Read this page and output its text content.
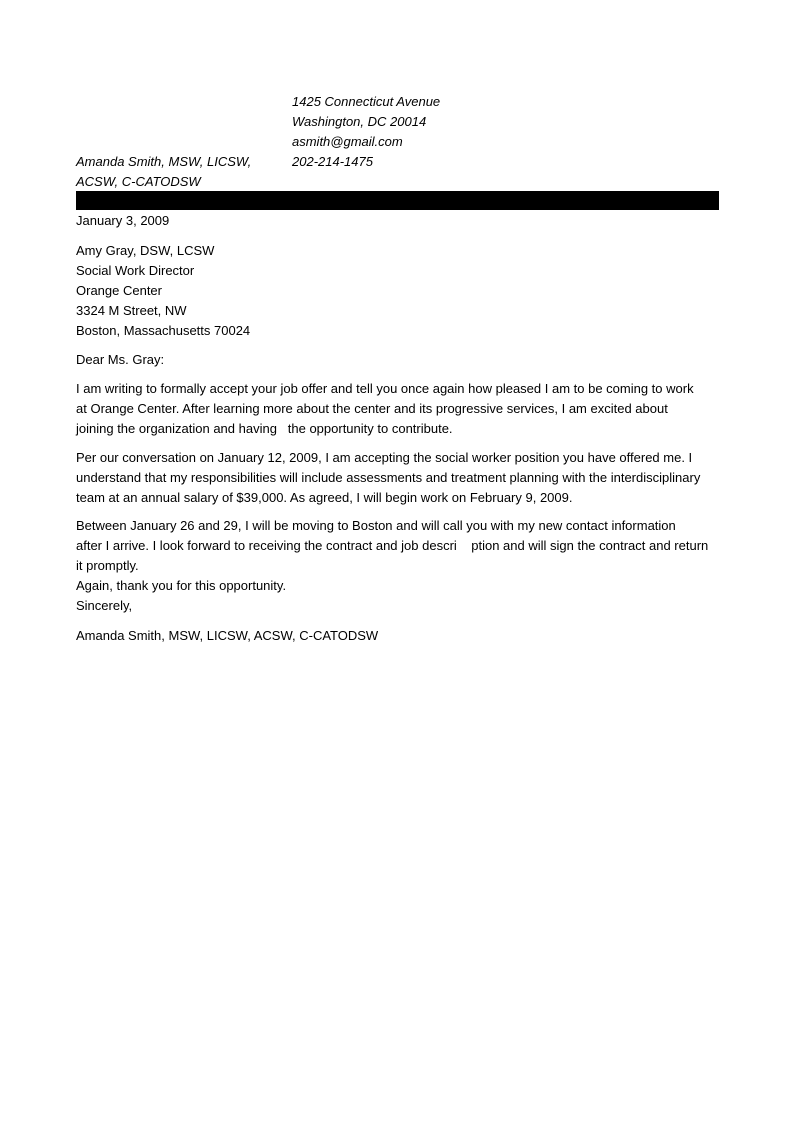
1425 Connecticut Avenue
Washington, DC 20014
asmith@gmail.com
202-214-1475
Amanda Smith, MSW, LICSW,
ACSW, C-CATODSW
January 3, 2009
Amy Gray, DSW, LCSW
Social Work Director
Orange Center
3324 M Street, NW
Boston, Massachusetts 70024
Dear Ms. Gray:
I am writing to formally accept your job offer and tell you once again how pleased I am to be coming to work
at Orange Center. After learning more about the center and its progressive services, I am excited about
joining the organization and having   the opportunity to contribute.
Per our conversation on January 12, 2009, I am accepting the social worker position you have offered me. I
understand that my responsibilities will include assessments and treatment planning with the interdisciplinary
team at an annual salary of $39,000. As agreed, I will begin work on February 9, 2009.
Between January 26 and 29, I will be moving to Boston and will call you with my new contact information
after I arrive. I look forward to receiving the contract and job descri    ption and will sign the contract and return
it promptly.
Again, thank you for this opportunity.
Sincerely,
Amanda Smith, MSW, LICSW, ACSW, C-CATODSW
